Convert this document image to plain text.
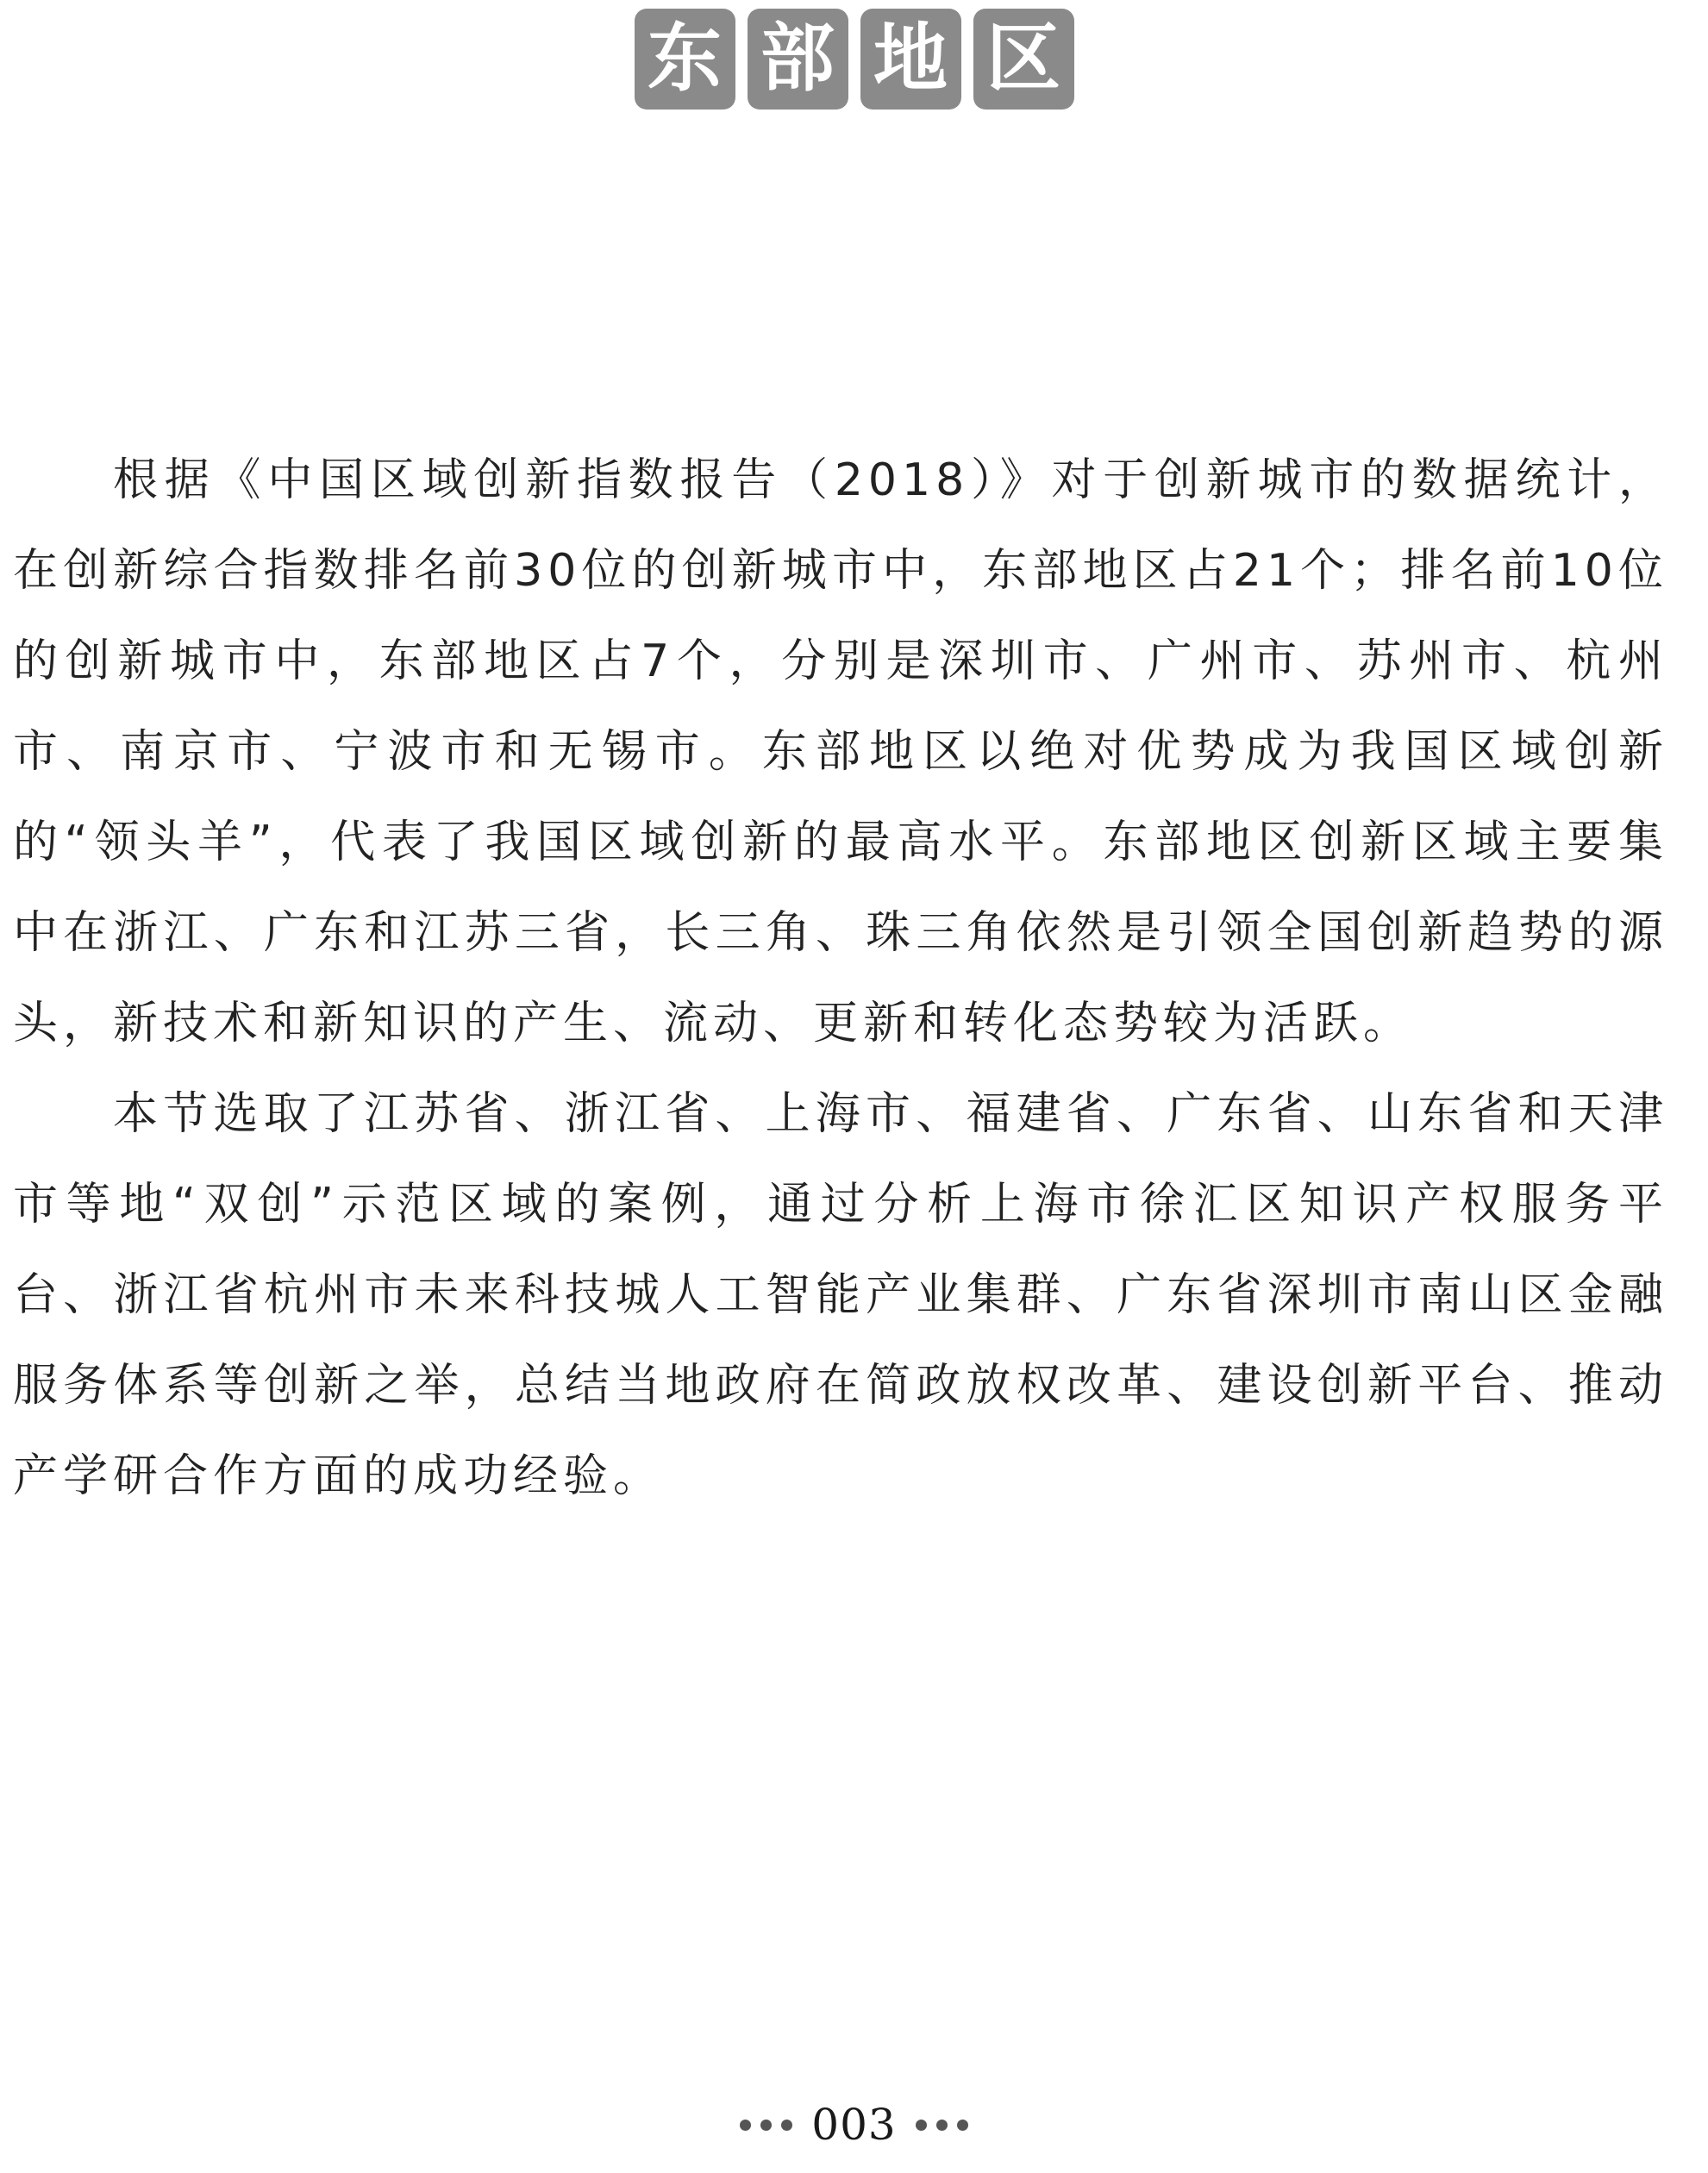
东 部 地 区

根据《中国区域创新指数报告（2018）》对于创新城市的数据统计，在创新综合指数排名前30位的创新城市中，东部地区占21个；排名前10位的创新城市中，东部地区占7个，分别是深圳市、广州市、苏州市、杭州市、南京市、宁波市和无锡市。东部地区以绝对优势成为我国区域创新的“领头羊”，代表了我国区域创新的最高水平。东部地区创新区域主要集中在浙江、广东和江苏三省，长三角、珠三角依然是引领全国创新趋势的源头，新技术和新知识的产生、流动、更新和转化态势较为活跃。

本节选取了江苏省、浙江省、上海市、福建省、广东省、山东省和天津市等地“双创”示范区域的案例，通过分析上海市徐汇区知识产权服务平台、浙江省杭州市未来科技城人工智能产业集群、广东省深圳市南山区金融服务体系等创新之举，总结当地政府在简政放权改革、建设创新平台、推动产学研合作方面的成功经验。

003
